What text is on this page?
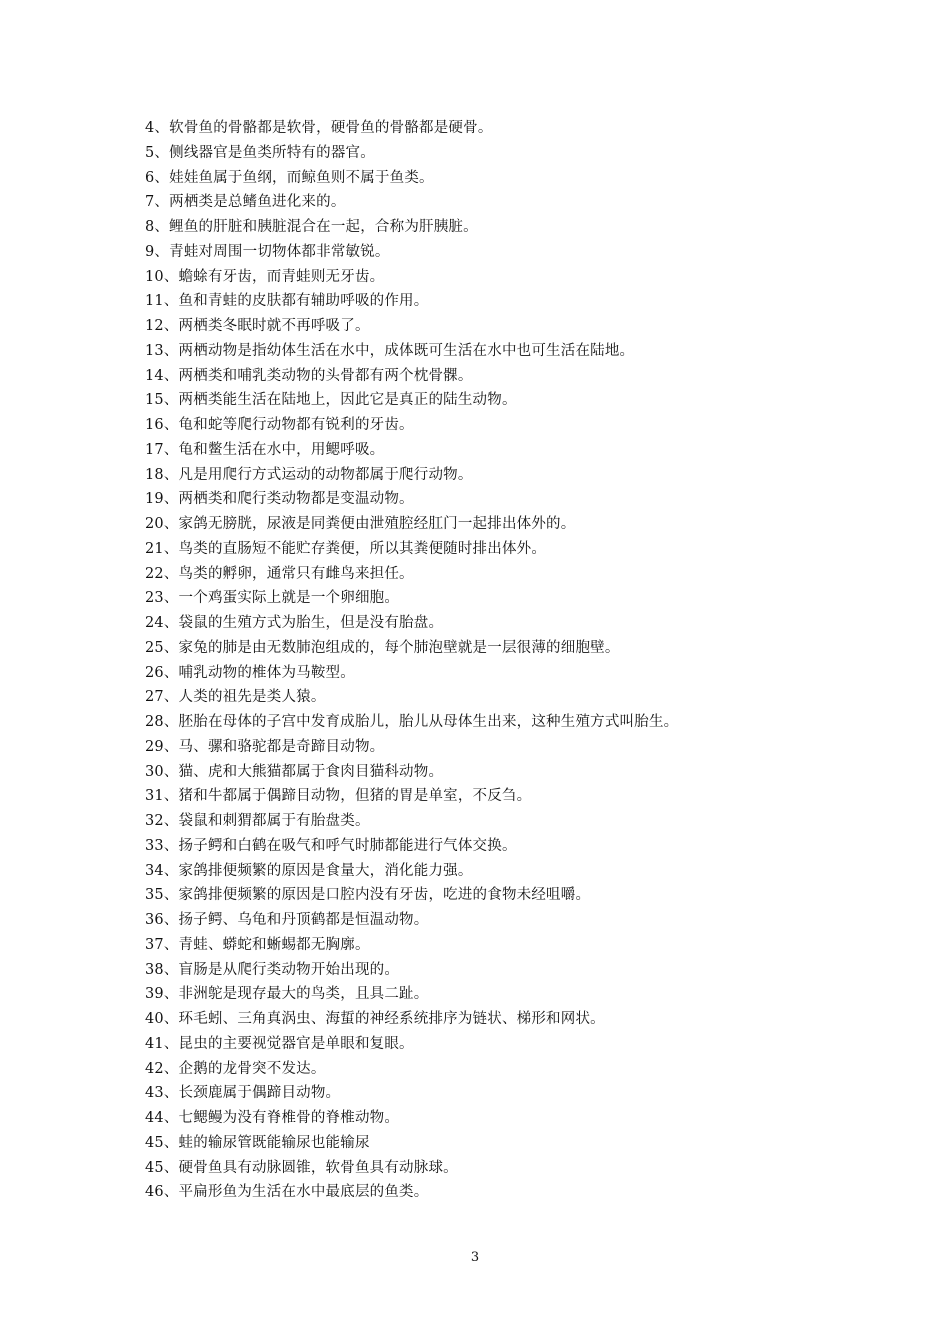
4、软骨鱼的骨骼都是软骨，硬骨鱼的骨骼都是硬骨。
5、侧线器官是鱼类所特有的器官。
6、娃娃鱼属于鱼纲，而鲸鱼则不属于鱼类。
7、两栖类是总鳍鱼进化来的。
8、鲤鱼的肝脏和胰脏混合在一起，合称为肝胰脏。
9、青蛙对周围一切物体都非常敏锐。
10、蟾蜍有牙齿，而青蛙则无牙齿。
11、鱼和青蛙的皮肤都有辅助呼吸的作用。
12、两栖类冬眠时就不再呼吸了。
13、两栖动物是指幼体生活在水中，成体既可生活在水中也可生活在陆地。
14、两栖类和哺乳类动物的头骨都有两个枕骨髁。
15、两栖类能生活在陆地上，因此它是真正的陆生动物。
16、龟和蛇等爬行动物都有锐利的牙齿。
17、龟和鳖生活在水中，用鳃呼吸。
18、凡是用爬行方式运动的动物都属于爬行动物。
19、两栖类和爬行类动物都是变温动物。
20、家鸽无膀胱，尿液是同粪便由泄殖腔经肛门一起排出体外的。
21、鸟类的直肠短不能贮存粪便，所以其粪便随时排出体外。
22、鸟类的孵卵，通常只有雌鸟来担任。
23、一个鸡蛋实际上就是一个卵细胞。
24、袋鼠的生殖方式为胎生，但是没有胎盘。
25、家兔的肺是由无数肺泡组成的，每个肺泡壁就是一层很薄的细胞壁。
26、哺乳动物的椎体为马鞍型。
27、人类的祖先是类人猿。
28、胚胎在母体的子宫中发育成胎儿，胎儿从母体生出来，这种生殖方式叫胎生。
29、马、骡和骆驼都是奇蹄目动物。
30、猫、虎和大熊猫都属于食肉目猫科动物。
31、猪和牛都属于偶蹄目动物，但猪的胃是单室，不反刍。
32、袋鼠和刺猬都属于有胎盘类。
33、扬子鳄和白鹤在吸气和呼气时肺都能进行气体交换。
34、家鸽排便频繁的原因是食量大，消化能力强。
35、家鸽排便频繁的原因是口腔内没有牙齿，吃进的食物未经咀嚼。
36、扬子鳄、乌龟和丹顶鹤都是恒温动物。
37、青蛙、蟒蛇和蜥蜴都无胸廓。
38、盲肠是从爬行类动物开始出现的。
39、非洲鸵是现存最大的鸟类，且具二趾。
40、环毛蚓、三角真涡虫、海蜇的神经系统排序为链状、梯形和网状。
41、昆虫的主要视觉器官是单眼和复眼。
42、企鹅的龙骨突不发达。
43、长颈鹿属于偶蹄目动物。
44、七鳃鳗为没有脊椎骨的脊椎动物。
45、蛙的输尿管既能输尿也能输尿
45、硬骨鱼具有动脉圆锥，软骨鱼具有动脉球。
46、平扁形鱼为生活在水中最底层的鱼类。
3
